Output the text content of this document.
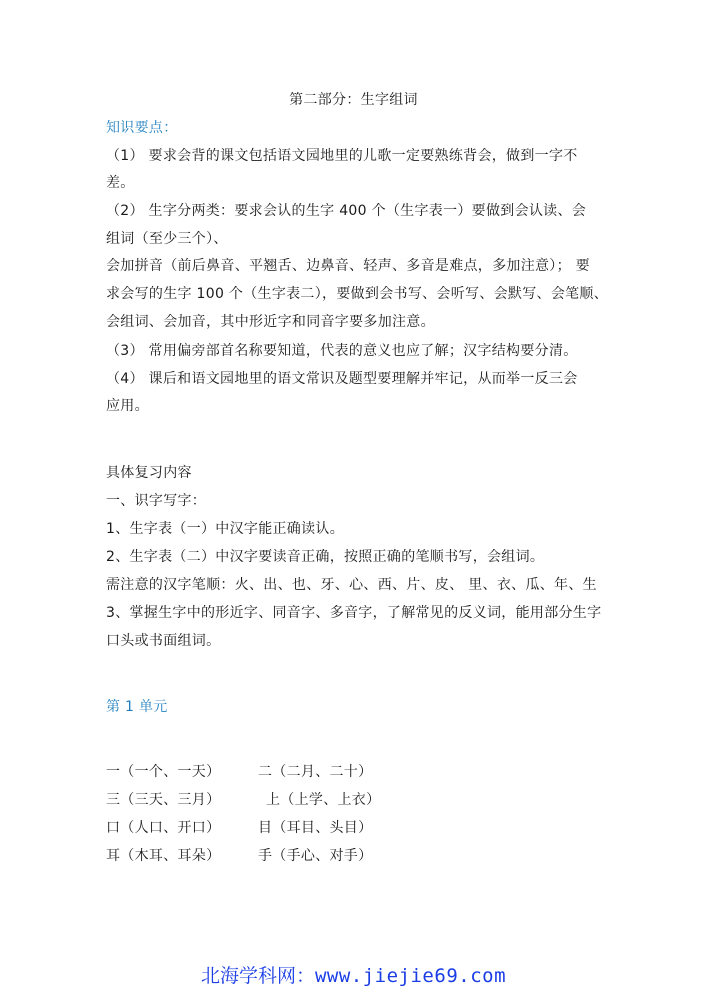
第二部分：生字组词
知识要点：
（1） 要求会背的课文包括语文园地里的儿歌一定要熟练背会，做到一字不
差。
（2） 生字分两类：要求会认的生字 400 个（生字表一）要做到会认读、会
组词（至少三个）、
会加拼音（前后鼻音、平翘舌、边鼻音、轻声、多音是难点，多加注意）； 要
求会写的生字 100 个（生字表二），要做到会书写、会听写、会默写、会笔顺、
会组词、会加音，其中形近字和同音字要多加注意。
（3） 常用偏旁部首名称要知道，代表的意义也应了解；汉字结构要分清。
（4） 课后和语文园地里的语文常识及题型要理解并牢记，从而举一反三会
应用。
具体复习内容
一、识字写字：
1、生字表（一）中汉字能正确读认。
2、生字表（二）中汉字要读音正确，按照正确的笔顺书写，会组词。
需注意的汉字笔顺：火、出、也、牙、心、西、片、皮、 里、衣、瓜、年、生
3、掌握生字中的形近字、同音字、多音字，了解常见的反义词，能用部分生字
口头或书面组词。
第 1 单元
一（一个、一天）	二（二月、二十）
三（三天、三月）	上（上学、上衣）
口（人口、开口）	目（耳目、头目）
耳（木耳、耳朵）	手（手心、对手）
北海学科网：www.jiejie69.com
